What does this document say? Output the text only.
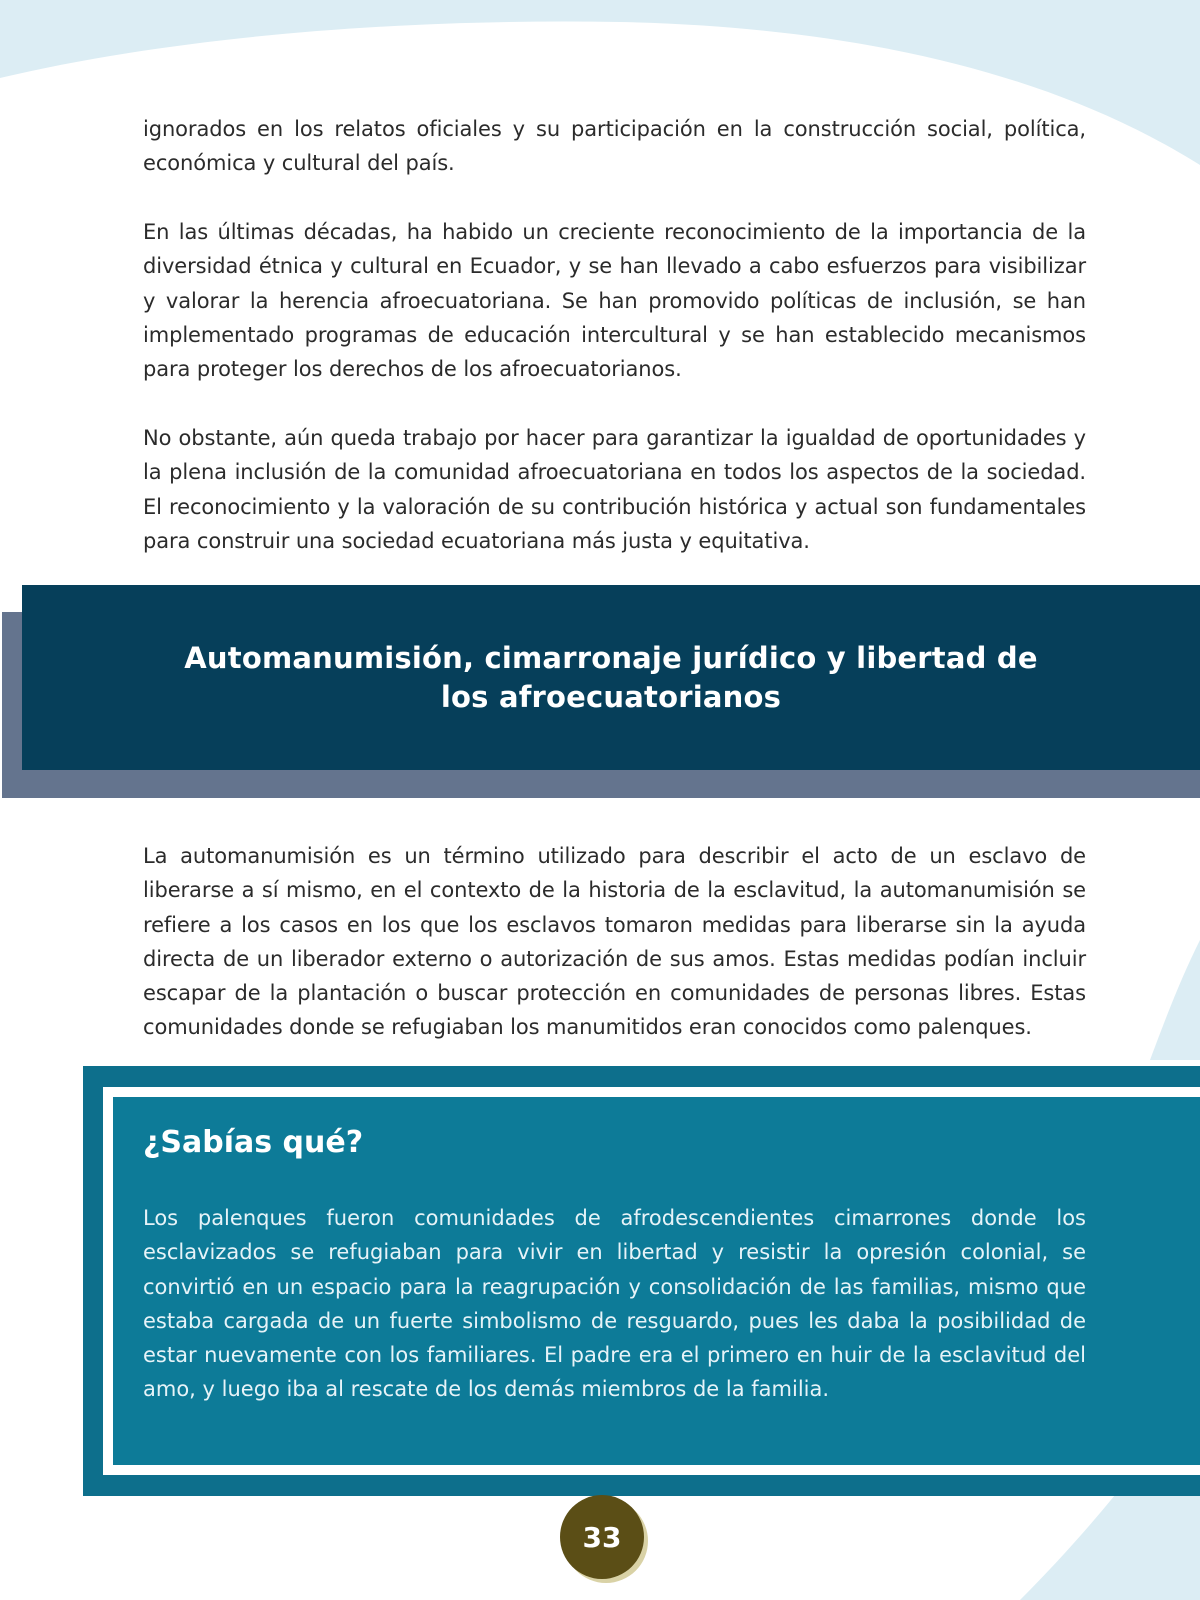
ignorados en los relatos oficiales y su participación en la construcción social, política, económica y cultural del país.

En las últimas décadas, ha habido un creciente reconocimiento de la importancia de la diversidad étnica y cultural en Ecuador, y se han llevado a cabo esfuerzos para visibilizar y valorar la herencia afroecuatoriana. Se han promovido políticas de inclusión, se han implementado programas de educación intercultural y se han establecido mecanismos para proteger los derechos de los afroecuatorianos.

No obstante, aún queda trabajo por hacer para garantizar la igualdad de oportunidades y la plena inclusión de la comunidad afroecuatoriana en todos los aspectos de la sociedad. El reconocimiento y la valoración de su contribución histórica y actual son fundamentales para construir una sociedad ecuatoriana más justa y equitativa.

Automanumisión, cimarronaje jurídico y libertad de los afroecuatorianos

La automanumisión es un término utilizado para describir el acto de un esclavo de liberarse a sí mismo, en el contexto de la historia de la esclavitud, la automanumisión se refiere a los casos en los que los esclavos tomaron medidas para liberarse sin la ayuda directa de un liberador externo o autorización de sus amos. Estas medidas podían incluir escapar de la plantación o buscar protección en comunidades de personas libres. Estas comunidades donde se refugiaban los manumitidos eran conocidos como palenques.

¿Sabías qué?

Los palenques fueron comunidades de afrodescendientes cimarrones donde los esclavizados se refugiaban para vivir en libertad y resistir la opresión colonial, se convirtió en un espacio para la reagrupación y consolidación de las familias, mismo que estaba cargada de un fuerte simbolismo de resguardo, pues les daba la posibilidad de estar nuevamente con los familiares. El padre era el primero en huir de la esclavitud del amo, y luego iba al rescate de los demás miembros de la familia.

33
